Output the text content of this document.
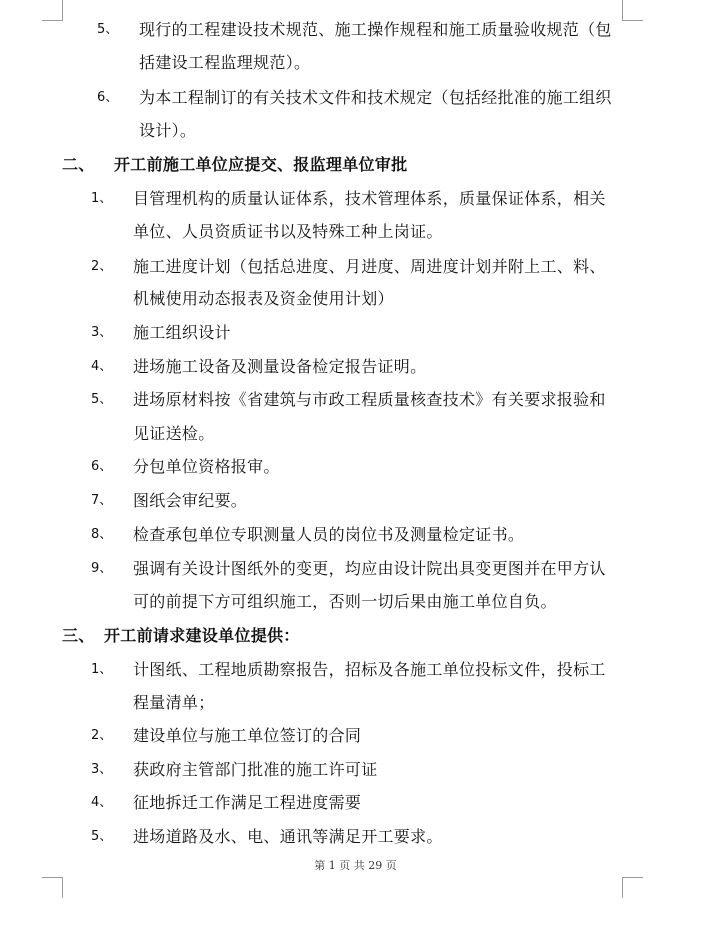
5、 现行的工程建设技术规范、施工操作规程和施工质量验收规范（包
括建设工程监理规范）。
6、 为本工程制订的有关技术文件和技术规定（包括经批准的施工组织
设计）。
二、 开工前施工单位应提交、报监理单位审批
1、 目管理机构的质量认证体系，技术管理体系，质量保证体系，相关
单位、人员资质证书以及特殊工种上岗证。
2、 施工进度计划（包括总进度、月进度、周进度计划并附上工、料、
机械使用动态报表及资金使用计划）
3、 施工组织设计
4、 进场施工设备及测量设备检定报告证明。
5、 进场原材料按《省建筑与市政工程质量核查技术》有关要求报验和
见证送检。
6、 分包单位资格报审。
7、 图纸会审纪要。
8、 检查承包单位专职测量人员的岗位书及测量检定证书。
9、 强调有关设计图纸外的变更，均应由设计院出具变更图并在甲方认
可的前提下方可组织施工，否则一切后果由施工单位自负。
三、 开工前请求建设单位提供：
1、 计图纸、工程地质勘察报告，招标及各施工单位投标文件，投标工
程量清单；
2、 建设单位与施工单位签订的合同
3、 获政府主管部门批准的施工许可证
4、 征地拆迁工作满足工程进度需要
5、 进场道路及水、电、通讯等满足开工要求。
第 1 页 共 29 页
